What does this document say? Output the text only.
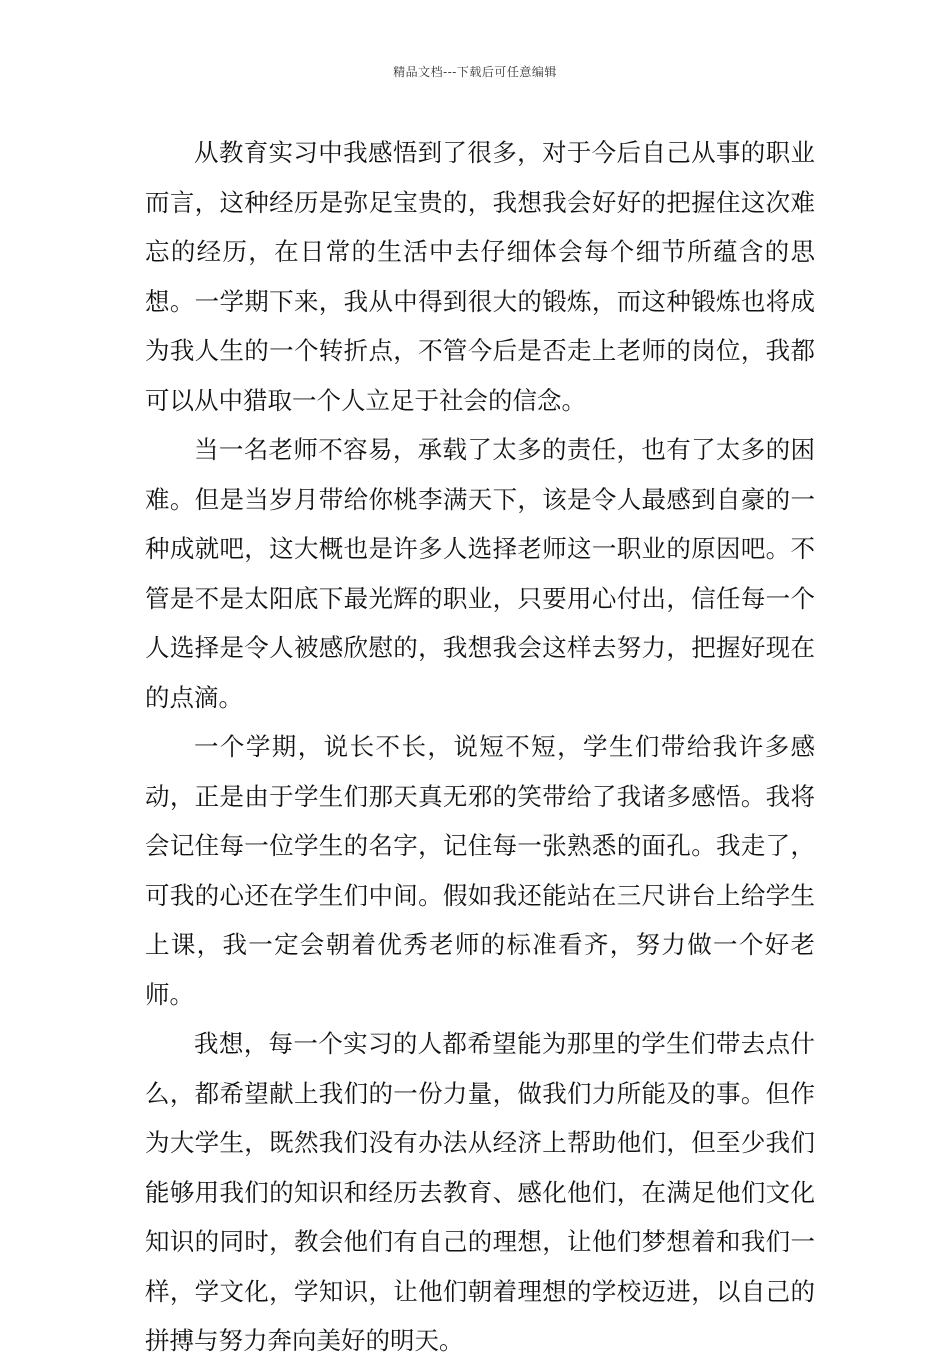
精品文档---下载后可任意编辑

从教育实习中我感悟到了很多，对于今后自己从事的职业而言，这种经历是弥足宝贵的，我想我会好好的把握住这次难忘的经历，在日常的生活中去仔细体会每个细节所蕴含的思想。一学期下来，我从中得到很大的锻炼，而这种锻炼也将成为我人生的一个转折点，不管今后是否走上老师的岗位，我都可以从中猎取一个人立足于社会的信念。

当一名老师不容易，承载了太多的责任，也有了太多的困难。但是当岁月带给你桃李满天下，该是令人最感到自豪的一种成就吧，这大概也是许多人选择老师这一职业的原因吧。不管是不是太阳底下最光辉的职业，只要用心付出，信任每一个人选择是令人被感欣慰的，我想我会这样去努力，把握好现在的点滴。

一个学期，说长不长，说短不短，学生们带给我许多感动，正是由于学生们那天真无邪的笑带给了我诸多感悟。我将会记住每一位学生的名字，记住每一张熟悉的面孔。我走了，可我的心还在学生们中间。假如我还能站在三尺讲台上给学生上课，我一定会朝着优秀老师的标准看齐，努力做一个好老师。

我想，每一个实习的人都希望能为那里的学生们带去点什么，都希望献上我们的一份力量，做我们力所能及的事。但作为大学生，既然我们没有办法从经济上帮助他们，但至少我们能够用我们的知识和经历去教育、感化他们，在满足他们文化知识的同时，教会他们有自己的理想，让他们梦想着和我们一样，学文化，学知识，让他们朝着理想的学校迈进，以自己的拼搏与努力奔向美好的明天。
